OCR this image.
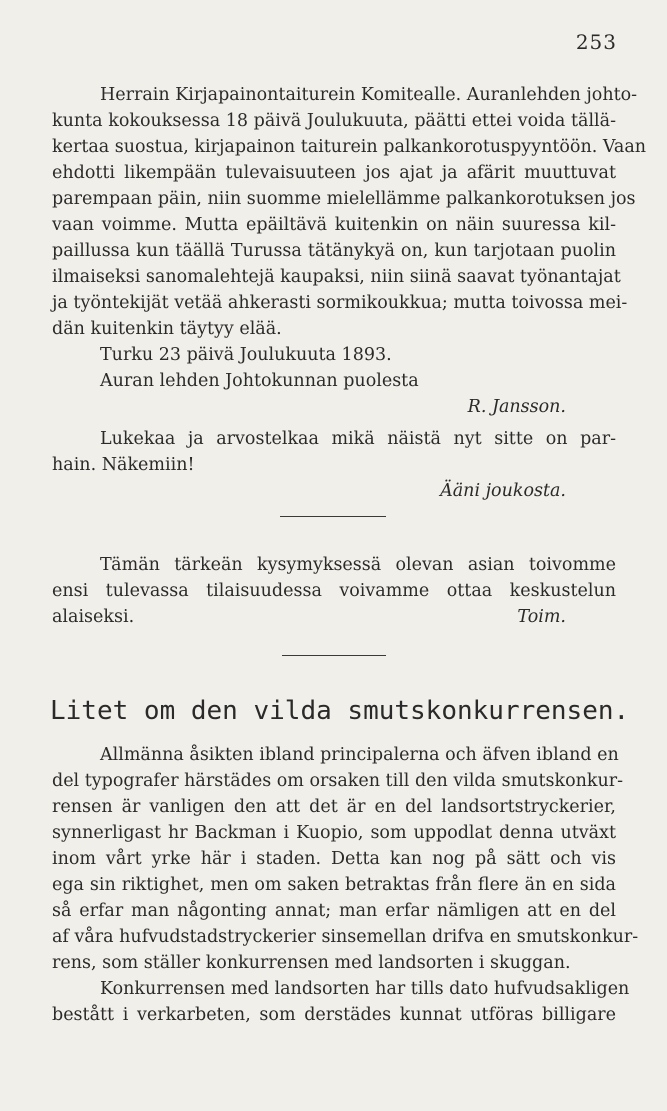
253
Herrain Kirjapainontaiturein Komitealle. Auranlehden johto-
kunta kokouksessa 18 päivä Joulukuuta, päätti ettei voida tällä-
kertaa suostua, kirjapainon taiturein palkankorotuspyyntöön. Vaan
ehdotti likempään tulevaisuuteen jos ajat ja afärit muuttuvat
parempaan päin, niin suomme mielellämme palkankorotuksen jos
vaan voimme. Mutta epäiltävä kuitenkin on näin suuressa kil-
paillussa kun täällä Turussa tätänykyä on, kun tarjotaan puolin
ilmaiseksi sanomalehtejä kaupaksi, niin siinä saavat työnantajat
ja työntekijät vetää ahkerasti sormikoukkua; mutta toivossa mei-
dän kuitenkin täytyy elää.
Turku 23 päivä Joulukuuta 1893.
Auran lehden Johtokunnan puolesta
R. Jansson.
Lukekaa ja arvostelkaa mikä näistä nyt sitte on par-
hain. Näkemiin!
Ääni joukosta.
Tämän tärkeän kysymyksessä olevan asian toivomme
ensi tulevassa tilaisuudessa voivamme ottaa keskustelun
alaiseksi.	Toim.
Litet om den vilda smutskonkurrensen.
Allmänna åsikten ibland principalerna och äfven ibland en
del typografer härstädes om orsaken till den vilda smutskonkur-
rensen är vanligen den att det är en del landsortstryckerier,
synnerligast hr Backman i Kuopio, som uppodlat denna utväxt
inom vårt yrke här i staden. Detta kan nog på sätt och vis
ega sin riktighet, men om saken betraktas från flere än en sida
så erfar man någonting annat; man erfar nämligen att en del
af våra hufvudstadstryckerier sinsemellan drifva en smutskonkur-
rens, som ställer konkurrensen med landsorten i skuggan.
Konkurrensen med landsorten har tills dato hufvudsakligen
bestått i verkarbeten, som derstädes kunnat utföras billigare
